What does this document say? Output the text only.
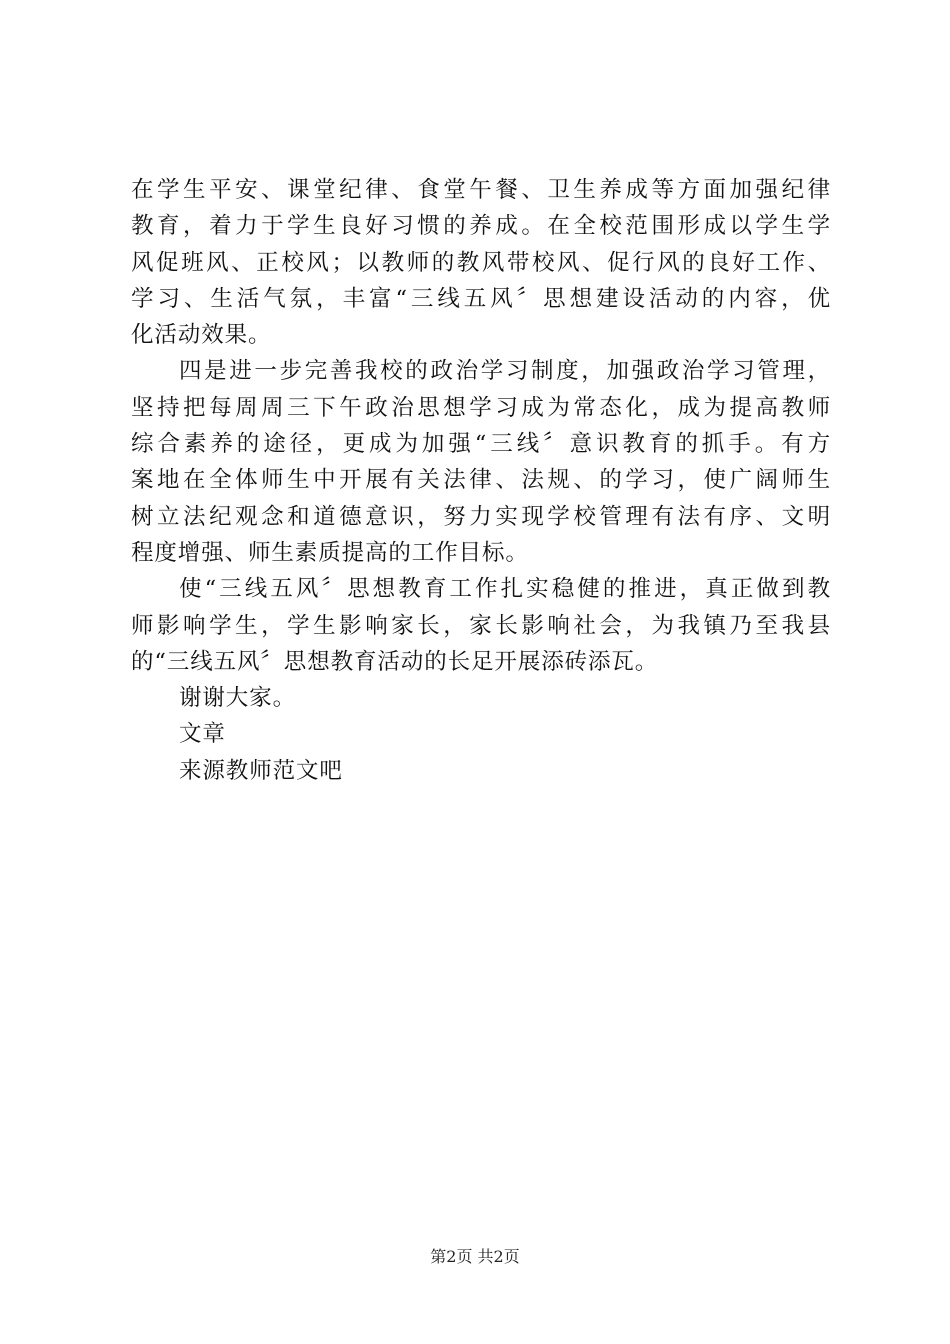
在学生平安、课堂纪律、食堂午餐、卫生养成等方面加强纪律
教育，着力于学生良好习惯的养成。在全校范围形成以学生学
风促班风、正校风；以教师的教风带校风、促行风的良好工作、
学习、生活气氛，丰富“三线五风〞思想建设活动的内容，优
化活动效果。
四是进一步完善我校的政治学习制度，加强政治学习管理，
坚持把每周周三下午政治思想学习成为常态化，成为提高教师
综合素养的途径，更成为加强“三线〞意识教育的抓手。有方
案地在全体师生中开展有关法律、法规、的学习，使广阔师生
树立法纪观念和道德意识，努力实现学校管理有法有序、文明
程度增强、师生素质提高的工作目标。
使“三线五风〞思想教育工作扎实稳健的推进，真正做到教
师影响学生，学生影响家长，家长影响社会，为我镇乃至我县
的“三线五风〞思想教育活动的长足开展添砖添瓦。
谢谢大家。
文章
来源教师范文吧
第2页 共2页
